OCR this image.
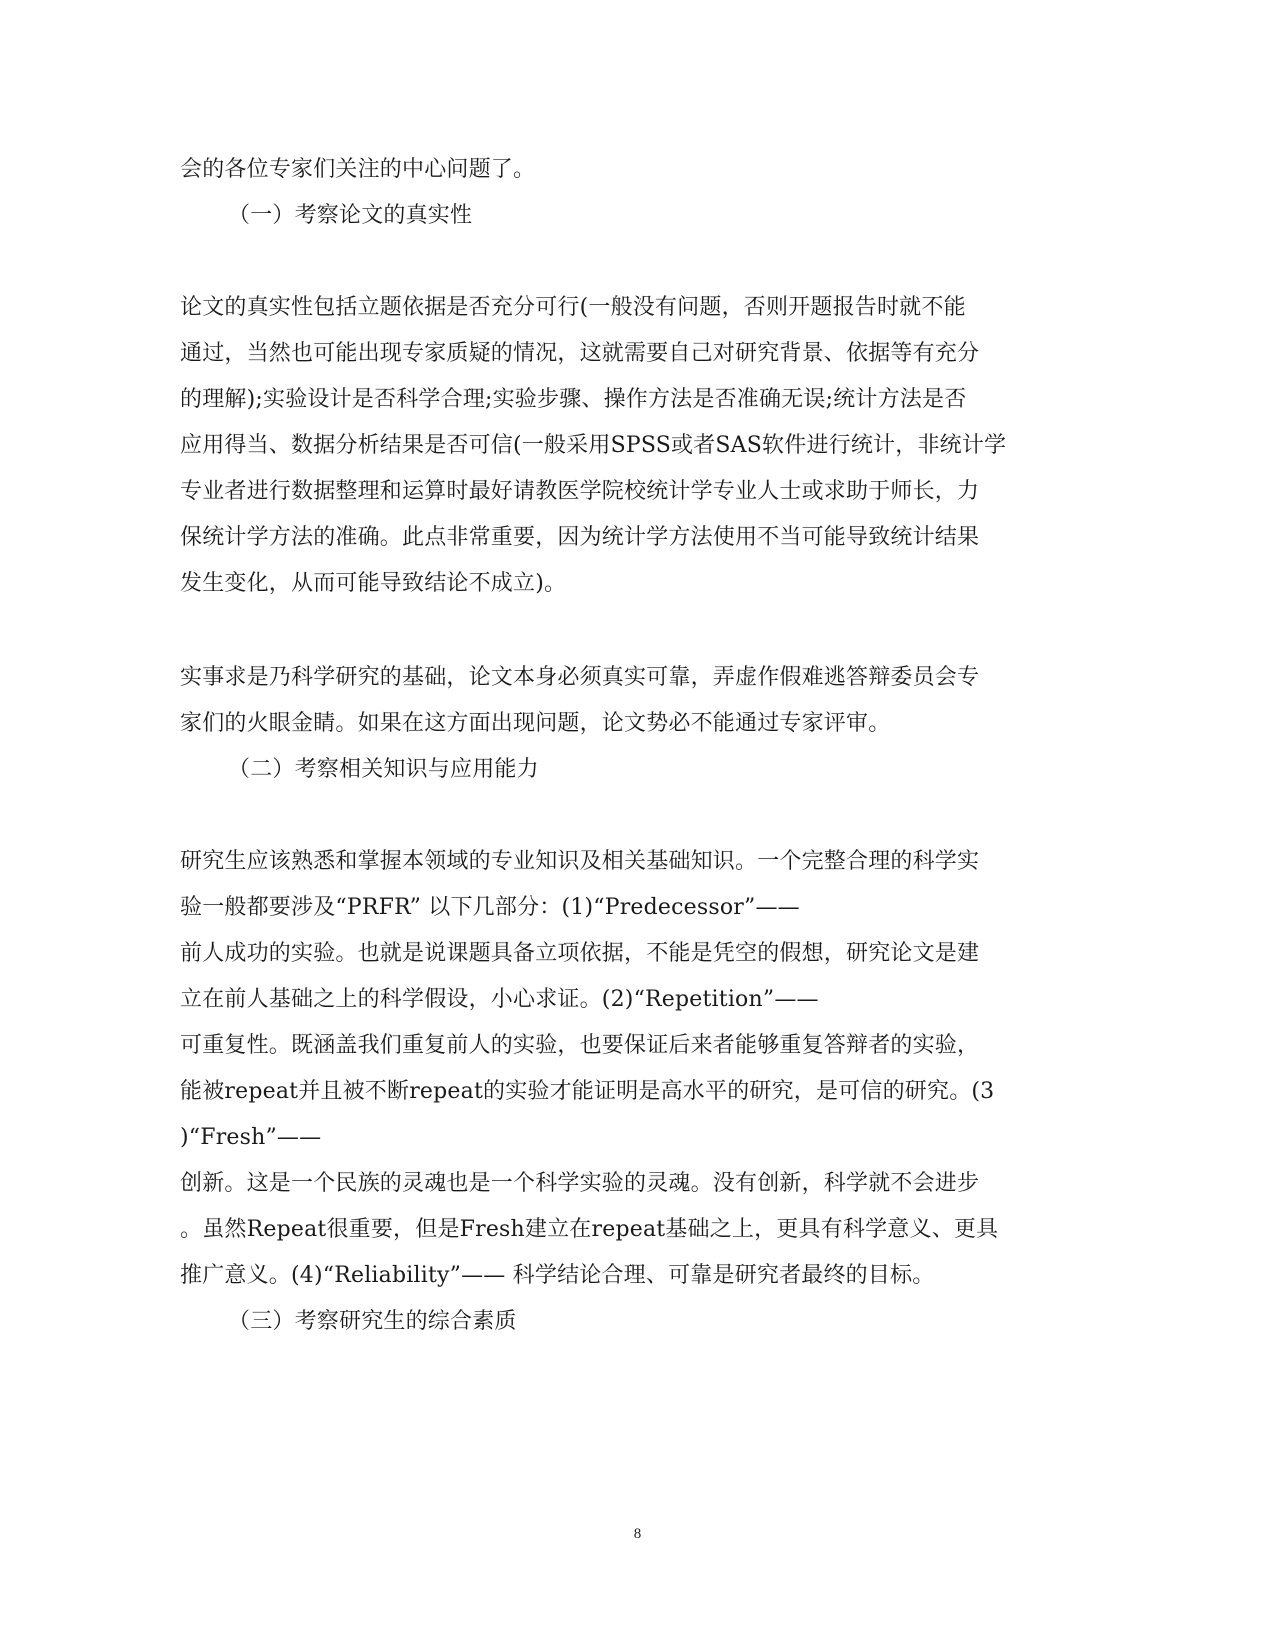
会的各位专家们关注的中心问题了。
（一）考察论文的真实性
论文的真实性包括立题依据是否充分可行(一般没有问题，否则开题报告时就不能
通过，当然也可能出现专家质疑的情况，这就需要自己对研究背景、依据等有充分
的理解);实验设计是否科学合理;实验步骤、操作方法是否准确无误;统计方法是否
应用得当、数据分析结果是否可信(一般采用SPSS或者SAS软件进行统计，非统计学
专业者进行数据整理和运算时最好请教医学院校统计学专业人士或求助于师长，力
保统计学方法的准确。此点非常重要，因为统计学方法使用不当可能导致统计结果
发生变化，从而可能导致结论不成立)。
实事求是乃科学研究的基础，论文本身必须真实可靠，弄虚作假难逃答辩委员会专
家们的火眼金睛。如果在这方面出现问题，论文势必不能通过专家评审。
（二）考察相关知识与应用能力
研究生应该熟悉和掌握本领域的专业知识及相关基础知识。一个完整合理的科学实
验一般都要涉及“PRFR” 以下几部分：(1)“Predecessor”——
前人成功的实验。也就是说课题具备立项依据，不能是凭空的假想，研究论文是建
立在前人基础之上的科学假设，小心求证。(2)“Repetition”——
可重复性。既涵盖我们重复前人的实验，也要保证后来者能够重复答辩者的实验，
能被repeat并且被不断repeat的实验才能证明是高水平的研究，是可信的研究。(3
)“Fresh”——
创新。这是一个民族的灵魂也是一个科学实验的灵魂。没有创新，科学就不会进步
。虽然Repeat很重要，但是Fresh建立在repeat基础之上，更具有科学意义、更具
推广意义。(4)“Reliability”—— 科学结论合理、可靠是研究者最终的目标。
（三）考察研究生的综合素质
8
